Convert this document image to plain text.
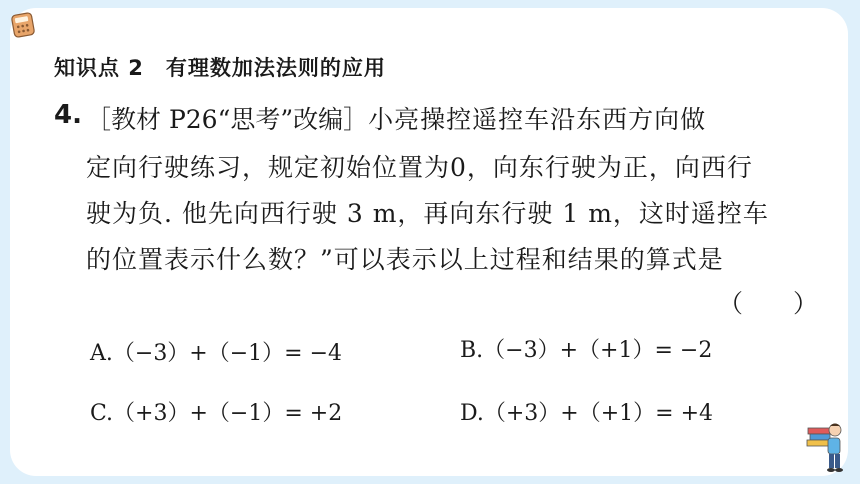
知识点 2　有理数加法法则的应用
4. ［教材 P26“思考”改编］小亮操控遥控车沿东西方向做
定向行驶练习，规定初始位置为0，向东行驶为正，向西行
驶为负. 他先向西行驶 3 m，再向东行驶 1 m，这时遥控车
的位置表示什么数？”可以表示以上过程和结果的算式是
（　　）
A.（−3）+（−1）= −4	B.（−3）+（+1）= −2
C.（+3）+（−1）= +2	D.（+3）+（+1）= +4
